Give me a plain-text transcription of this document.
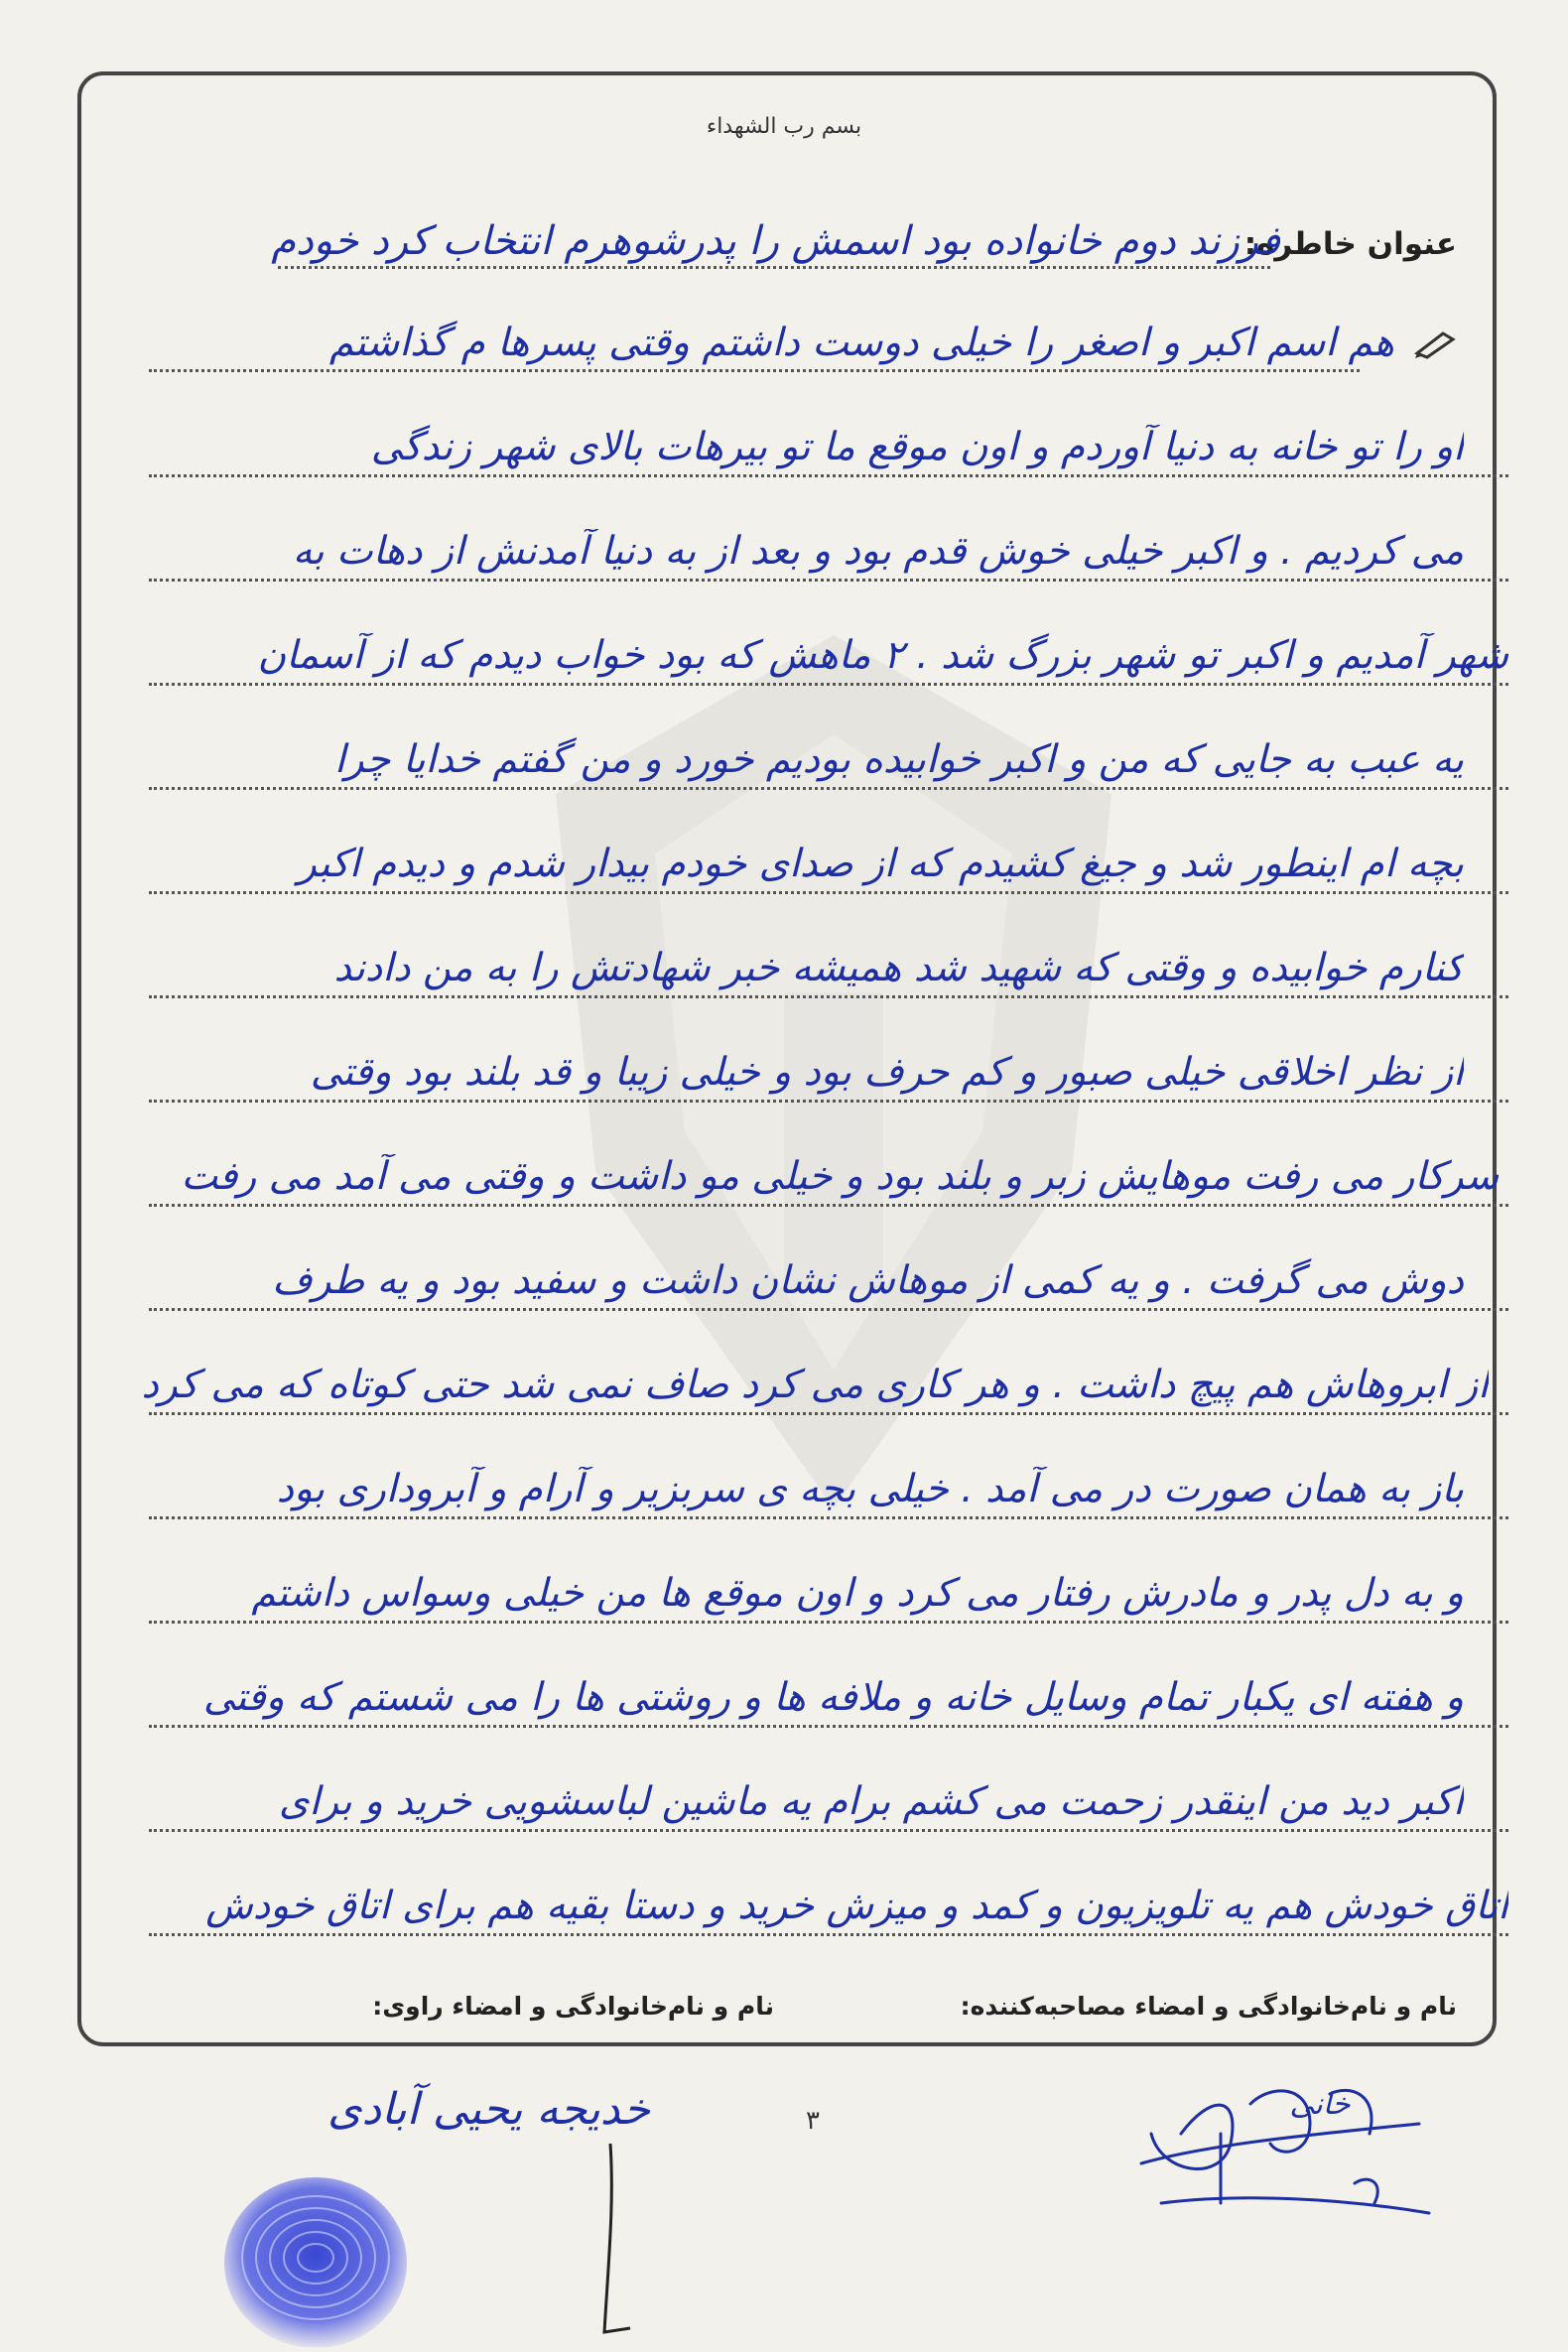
بسم رب الشهداء
عنوان خاطره:
فرزند دوم خانواده بود اسمش را پدرشوهرم انتخاب کرد خودم
هم اسم اکبر و اصغر را خیلی دوست داشتم وقتی پسرها م گذاشتم
او را تو خانه به دنیا آوردم و اون موقع ما تو بیرهات بالای شهر زندگی
می کردیم . و اکبر خیلی خوش قدم بود و بعد از به دنیا آمدنش از دهات به
شهر آمدیم و اکبر تو شهر بزرگ شد . ۲ ماهش که بود خواب دیدم که از آسمان
یه عبب به جایی که من و اکبر خوابیده بودیم خورد و من گفتم خدایا چرا
بچه ام اینطور شد و جیغ کشیدم که از صدای خودم بیدار شدم و دیدم اکبر
کنارم خوابیده و وقتی که شهید شد همیشه خبر شهادتش را به من دادند
از نظر اخلاقی خیلی صبور و کم حرف بود و خیلی زیبا و قد بلند بود وقتی
سرکار می رفت موهایش زبر و بلند بود و خیلی مو داشت و وقتی می آمد می رفت
دوش می گرفت . و یه کمی از موهاش نشان داشت و سفید بود و یه طرف
از ابروهاش هم پیچ داشت . و هر کاری می کرد صاف نمی شد حتی کوتاه که می کرد
باز به همان صورت در می آمد . خیلی بچه ی سربزیر و آرام و آبروداری بود
و به دل پدر و مادرش رفتار می کرد و اون موقع ها من خیلی وسواس داشتم
و هفته ای یکبار تمام وسایل خانه و ملافه ها و روشتی ها را می شستم که وقتی
اکبر دید من اینقدر زحمت می کشم برام یه ماشین لباسشویی خرید و برای
اتاق خودش هم یه تلویزیون و کمد و میزش خرید و دستا بقیه هم برای اتاق خودش
نام و نام‌خانوادگی و امضاء مصاحبه‌کننده:
نام و نام‌خانوادگی و امضاء راوی:
خدیجه یحیی آبادی	۳	خانی
